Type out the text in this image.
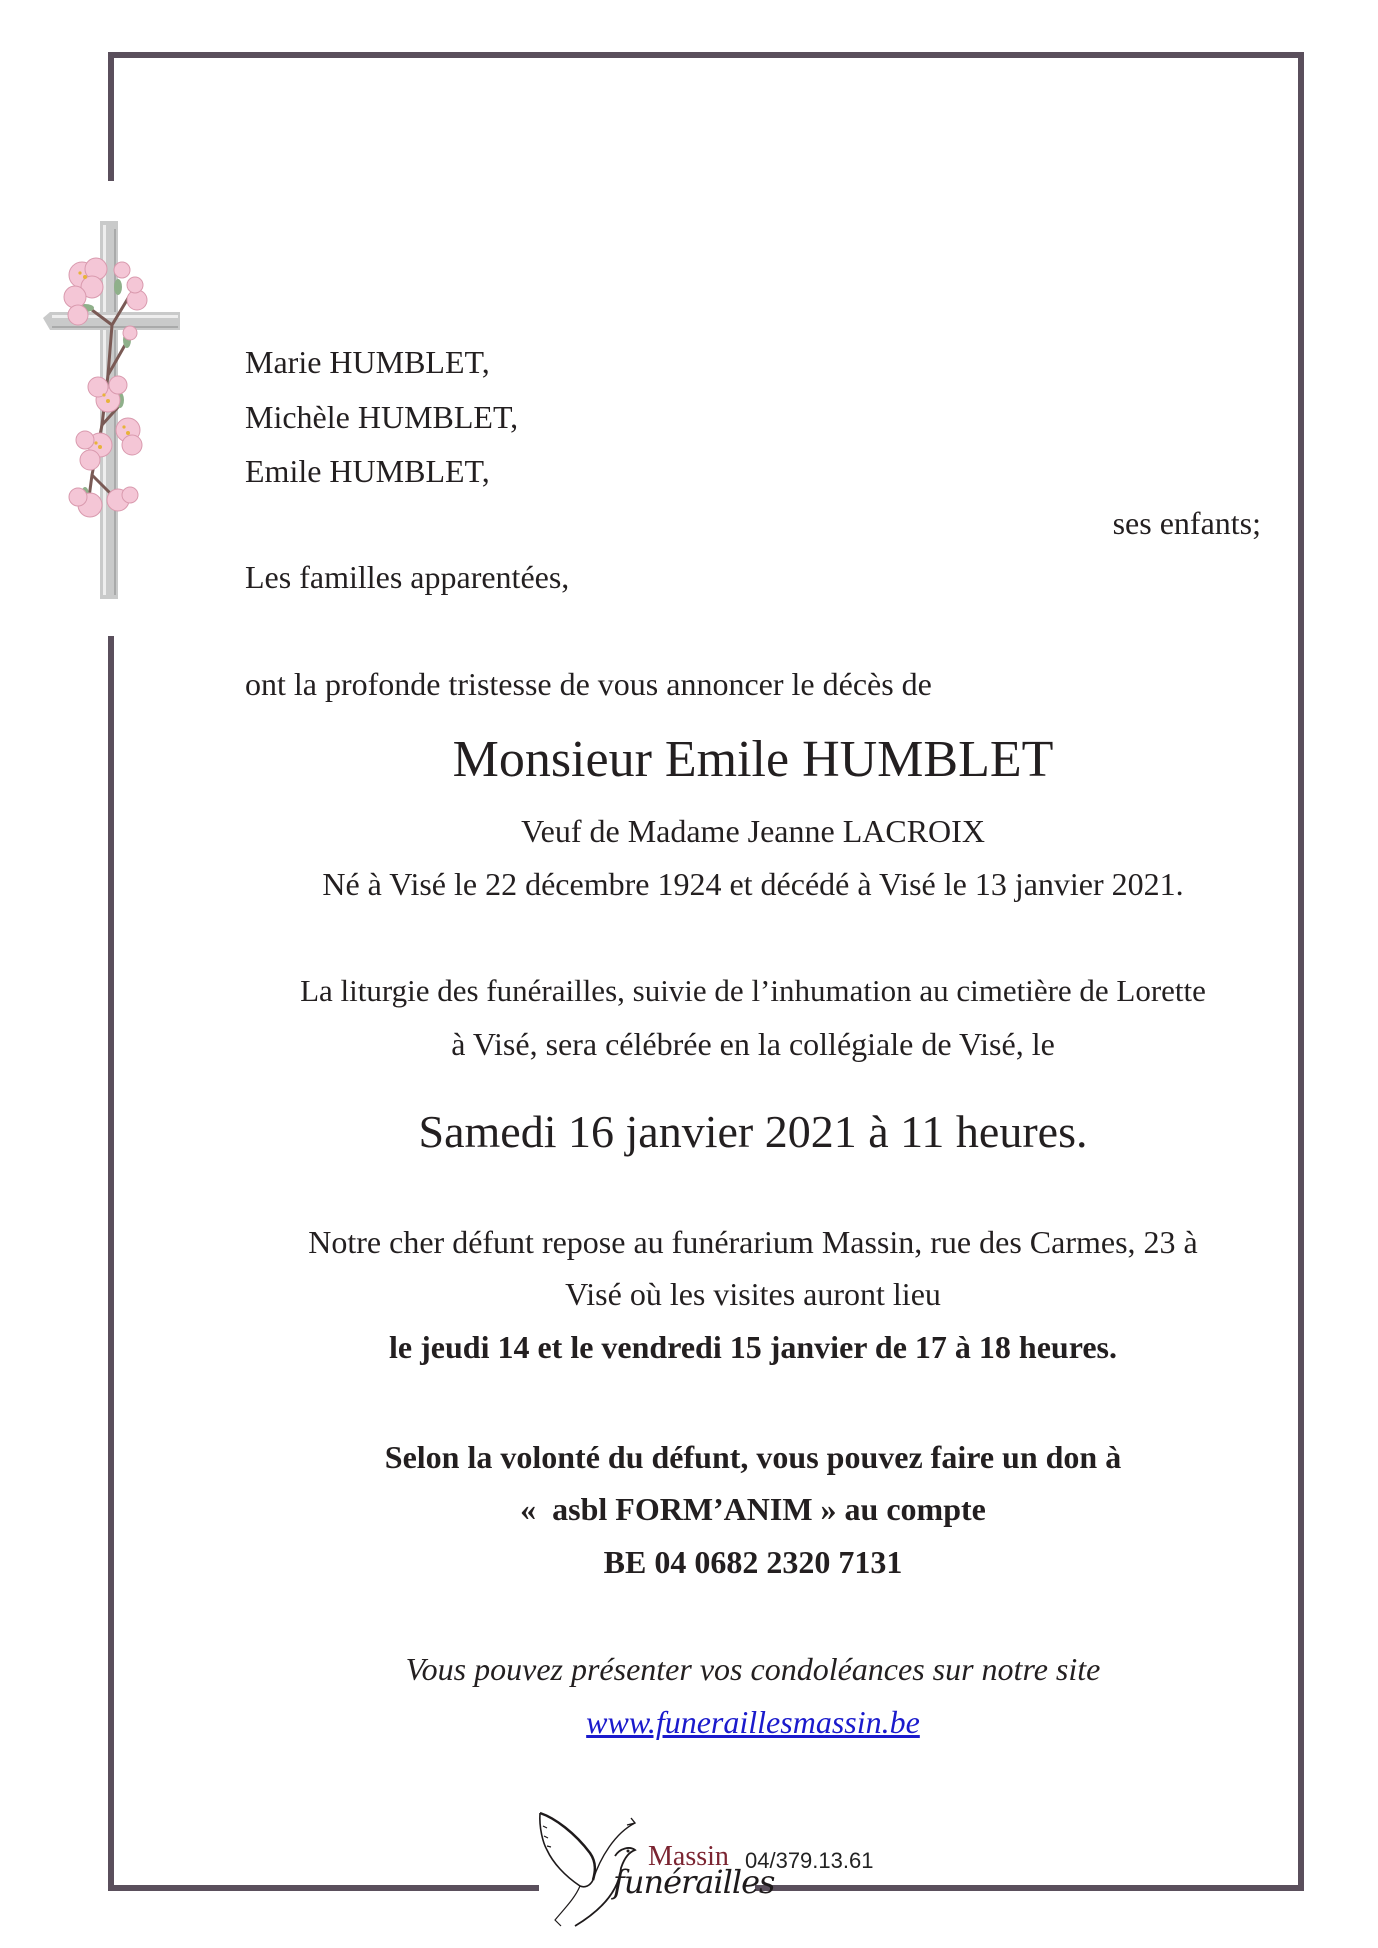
Marie HUMBLET,
Michèle HUMBLET,
Emile HUMBLET,
ses enfants;
Les familles apparentées,
ont la profonde tristesse de vous annoncer le décès de
Monsieur Emile HUMBLET
Veuf de Madame Jeanne LACROIX
Né à Visé le 22 décembre 1924 et décédé à Visé le 13 janvier 2021.
La liturgie des funérailles, suivie de l’inhumation au cimetière de Lorette
à Visé, sera célébrée en la collégiale de Visé, le
Samedi 16 janvier 2021 à 11 heures.
Notre cher défunt repose au funérarium Massin, rue des Carmes, 23 à
Visé où les visites auront lieu
le jeudi 14 et le vendredi 15 janvier de 17 à 18 heures.
Selon la volonté du défunt, vous pouvez faire un don à
«  asbl FORM’ANIM » au compte
BE 04 0682 2320 7131
Vous pouvez présenter vos condoléances sur notre site
www.funeraillesmassin.be
Massin
funérailles
04/379.13.61
